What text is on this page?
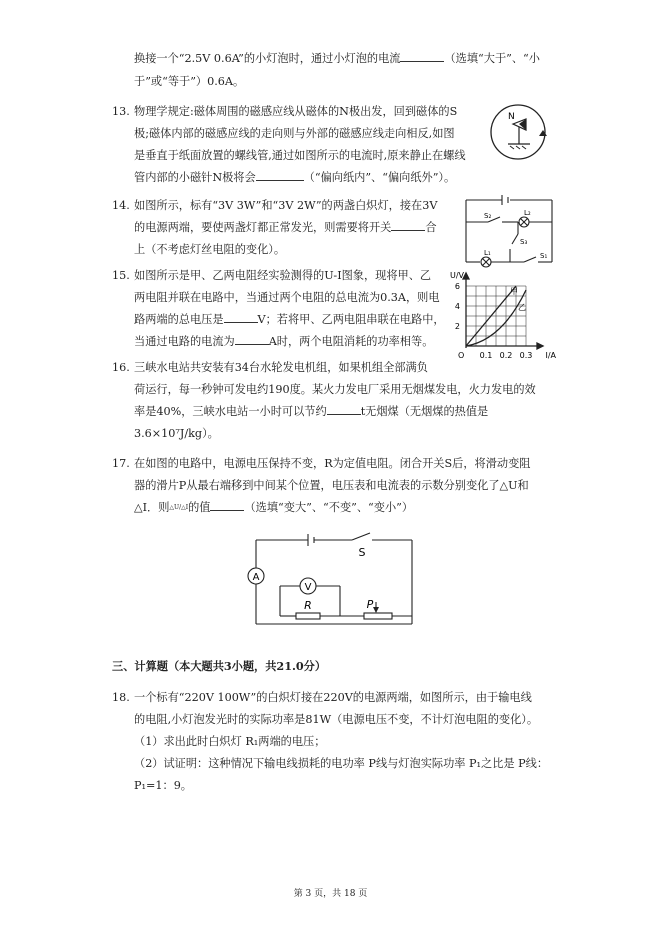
换接一个“2.5V 0.6A”的小灯泡时，通过小灯泡的电流	（选填“大于”、“小
于”或“等于”）0.6A。
13. 物理学规定:磁体周围的磁感应线从磁体的N极出发，回到磁体的S
极;磁体内部的磁感应线的走向则与外部的磁感应线走向相反,如图
是垂直于纸面放置的螺线管,通过如图所示的电流时,原来静止在螺线
管内部的小磁针N极将会	（“偏向纸内”、“偏向纸外”）。
N
14. 如图所示，标有“3V 3W”和“3V 2W”的两盏白炽灯，接在3V
的电源两端，要使两盏灯都正常发光，则需要将开关	合
上（不考虑灯丝电阻的变化）。
S₂	L₂
S₃
L₁	S₁
15. 如图所示是甲、乙两电阻经实验测得的U-I图象，现将甲、乙
两电阻并联在电路中，当通过两个电阻的总电流为0.3A，则电
路两端的总电压是	V；若将甲、乙两电阻串联在电路中，
当通过电路的电流为	A时，两个电阻消耗的功率相等。
U/V
I/A
O
6
4
2
0.1 0.2 0.3
甲
乙
16. 三峡水电站共安装有34台水轮发电机组，如果机组全部满负
荷运行，每一秒钟可发电约190度。某火力发电厂采用无烟煤发电，火力发电的效
率是40%，三峡水电站一小时可以节约	t无烟煤（无烟煤的热值是
3.6×10⁷J/kg）。
17. 在如图的电路中，电源电压保持不变，R为定值电阻。闭合开关S后，将滑动变阻
器的滑片P从最右端移到中间某个位置，电压表和电流表的示数分别变化了△U和
△I．则△U/△I的值	（选填“变大”、“不变”、“变小”）
A
V
R
S
P
三、计算题（本大题共3小题，共21.0分）
18. 一个标有“220V 100W”的白炽灯接在220V的电源两端，如图所示，由于输电线
的电阻,小灯泡发光时的实际功率是81W（电源电压不变，不计灯泡电阻的变化）。
（1）求出此时白炽灯 R₁两端的电压；
（2）试证明：这种情况下输电线损耗的电功率 P线与灯泡实际功率 P₁之比是 P线：
P₁=1：9。
第 3 页，共 18 页
